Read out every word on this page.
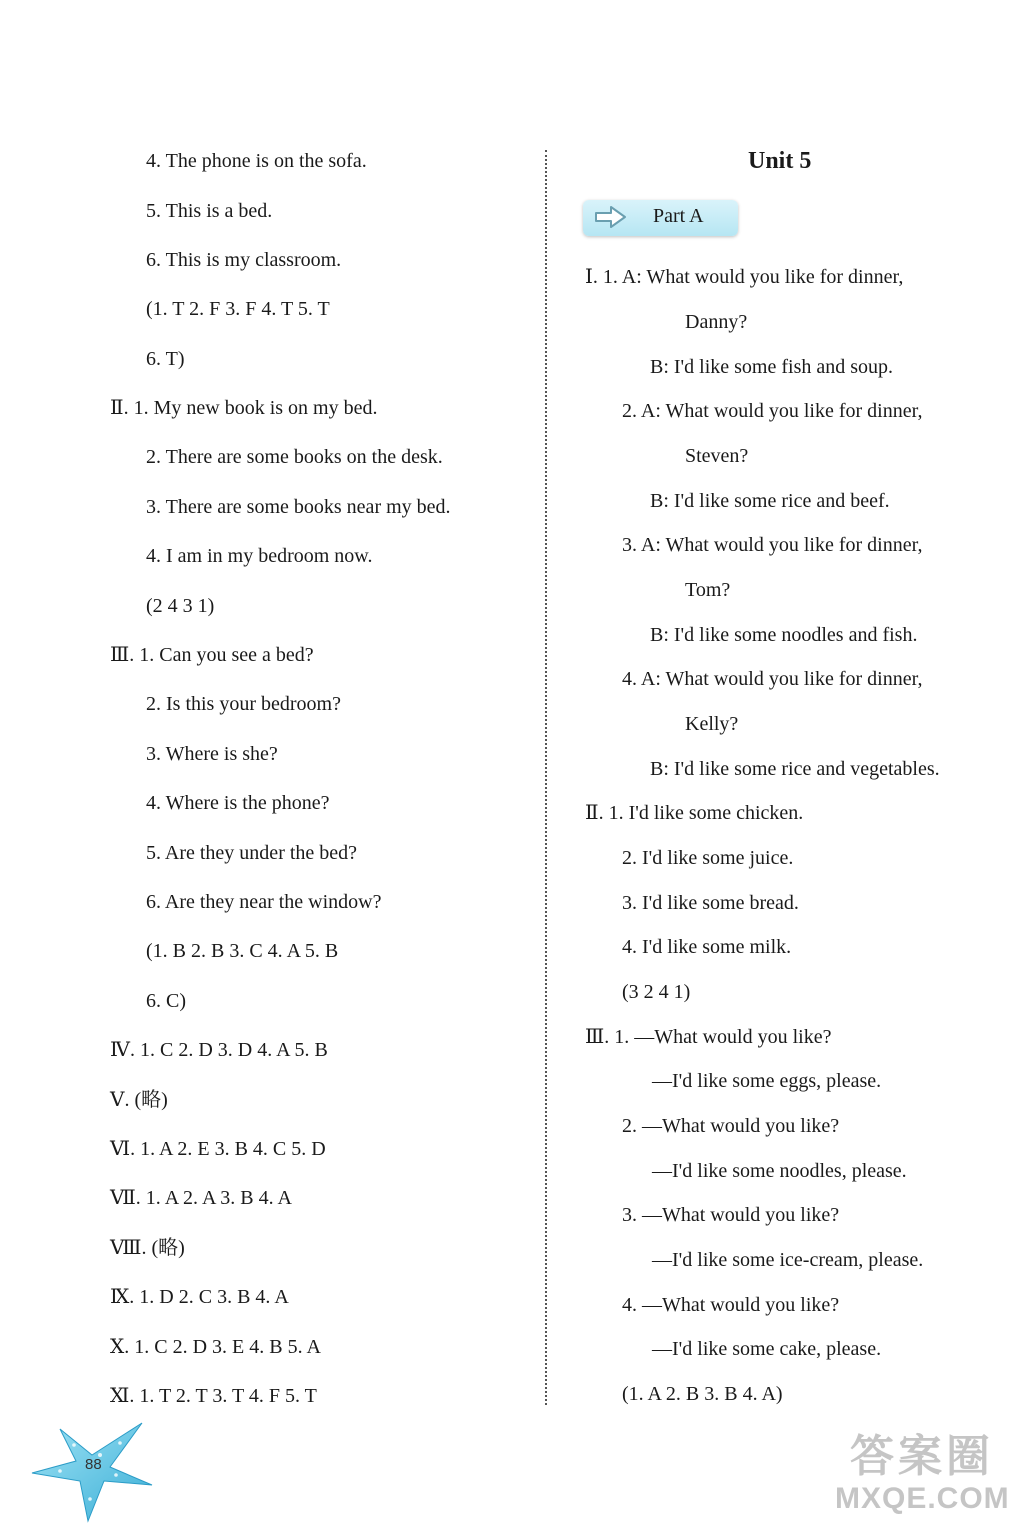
4. The phone is on the sofa.
5. This is a bed.
6. This is my classroom.
(1. T 2. F 3. F 4. T 5. T
6. T)
Ⅱ. 1. My new book is on my bed.
2. There are some books on the desk.
3. There are some books near my bed.
4. I am in my bedroom now.
(2 4 3 1)
Ⅲ. 1. Can you see a bed?
2. Is this your bedroom?
3. Where is she?
4. Where is the phone?
5. Are they under the bed?
6. Are they near the window?
(1. B 2. B 3. C 4. A 5. B
6. C)
Ⅳ. 1. C 2. D 3. D 4. A 5. B
Ⅴ. (略)
Ⅵ. 1. A 2. E 3. B 4. C 5. D
Ⅶ. 1. A 2. A 3. B 4. A
Ⅷ. (略)
Ⅸ. 1. D 2. C 3. B 4. A
Ⅹ. 1. C 2. D 3. E 4. B 5. A
Ⅺ. 1. T 2. T 3. T 4. F 5. T
Unit 5
Part A
Ⅰ. 1. A: What would you like for dinner,
Danny?
B: I'd like some fish and soup.
2. A: What would you like for dinner,
Steven?
B: I'd like some rice and beef.
3. A: What would you like for dinner,
Tom?
B: I'd like some noodles and fish.
4. A: What would you like for dinner,
Kelly?
B: I'd like some rice and vegetables.
Ⅱ. 1. I'd like some chicken.
2. I'd like some juice.
3. I'd like some bread.
4. I'd like some milk.
(3 2 4 1)
Ⅲ. 1. —What would you like?
—I'd like some eggs, please.
2. —What would you like?
—I'd like some noodles, please.
3. —What would you like?
—I'd like some ice-cream, please.
4. —What would you like?
—I'd like some cake, please.
(1. A 2. B 3. B 4. A)
88	答案圈
MXQE.COM
